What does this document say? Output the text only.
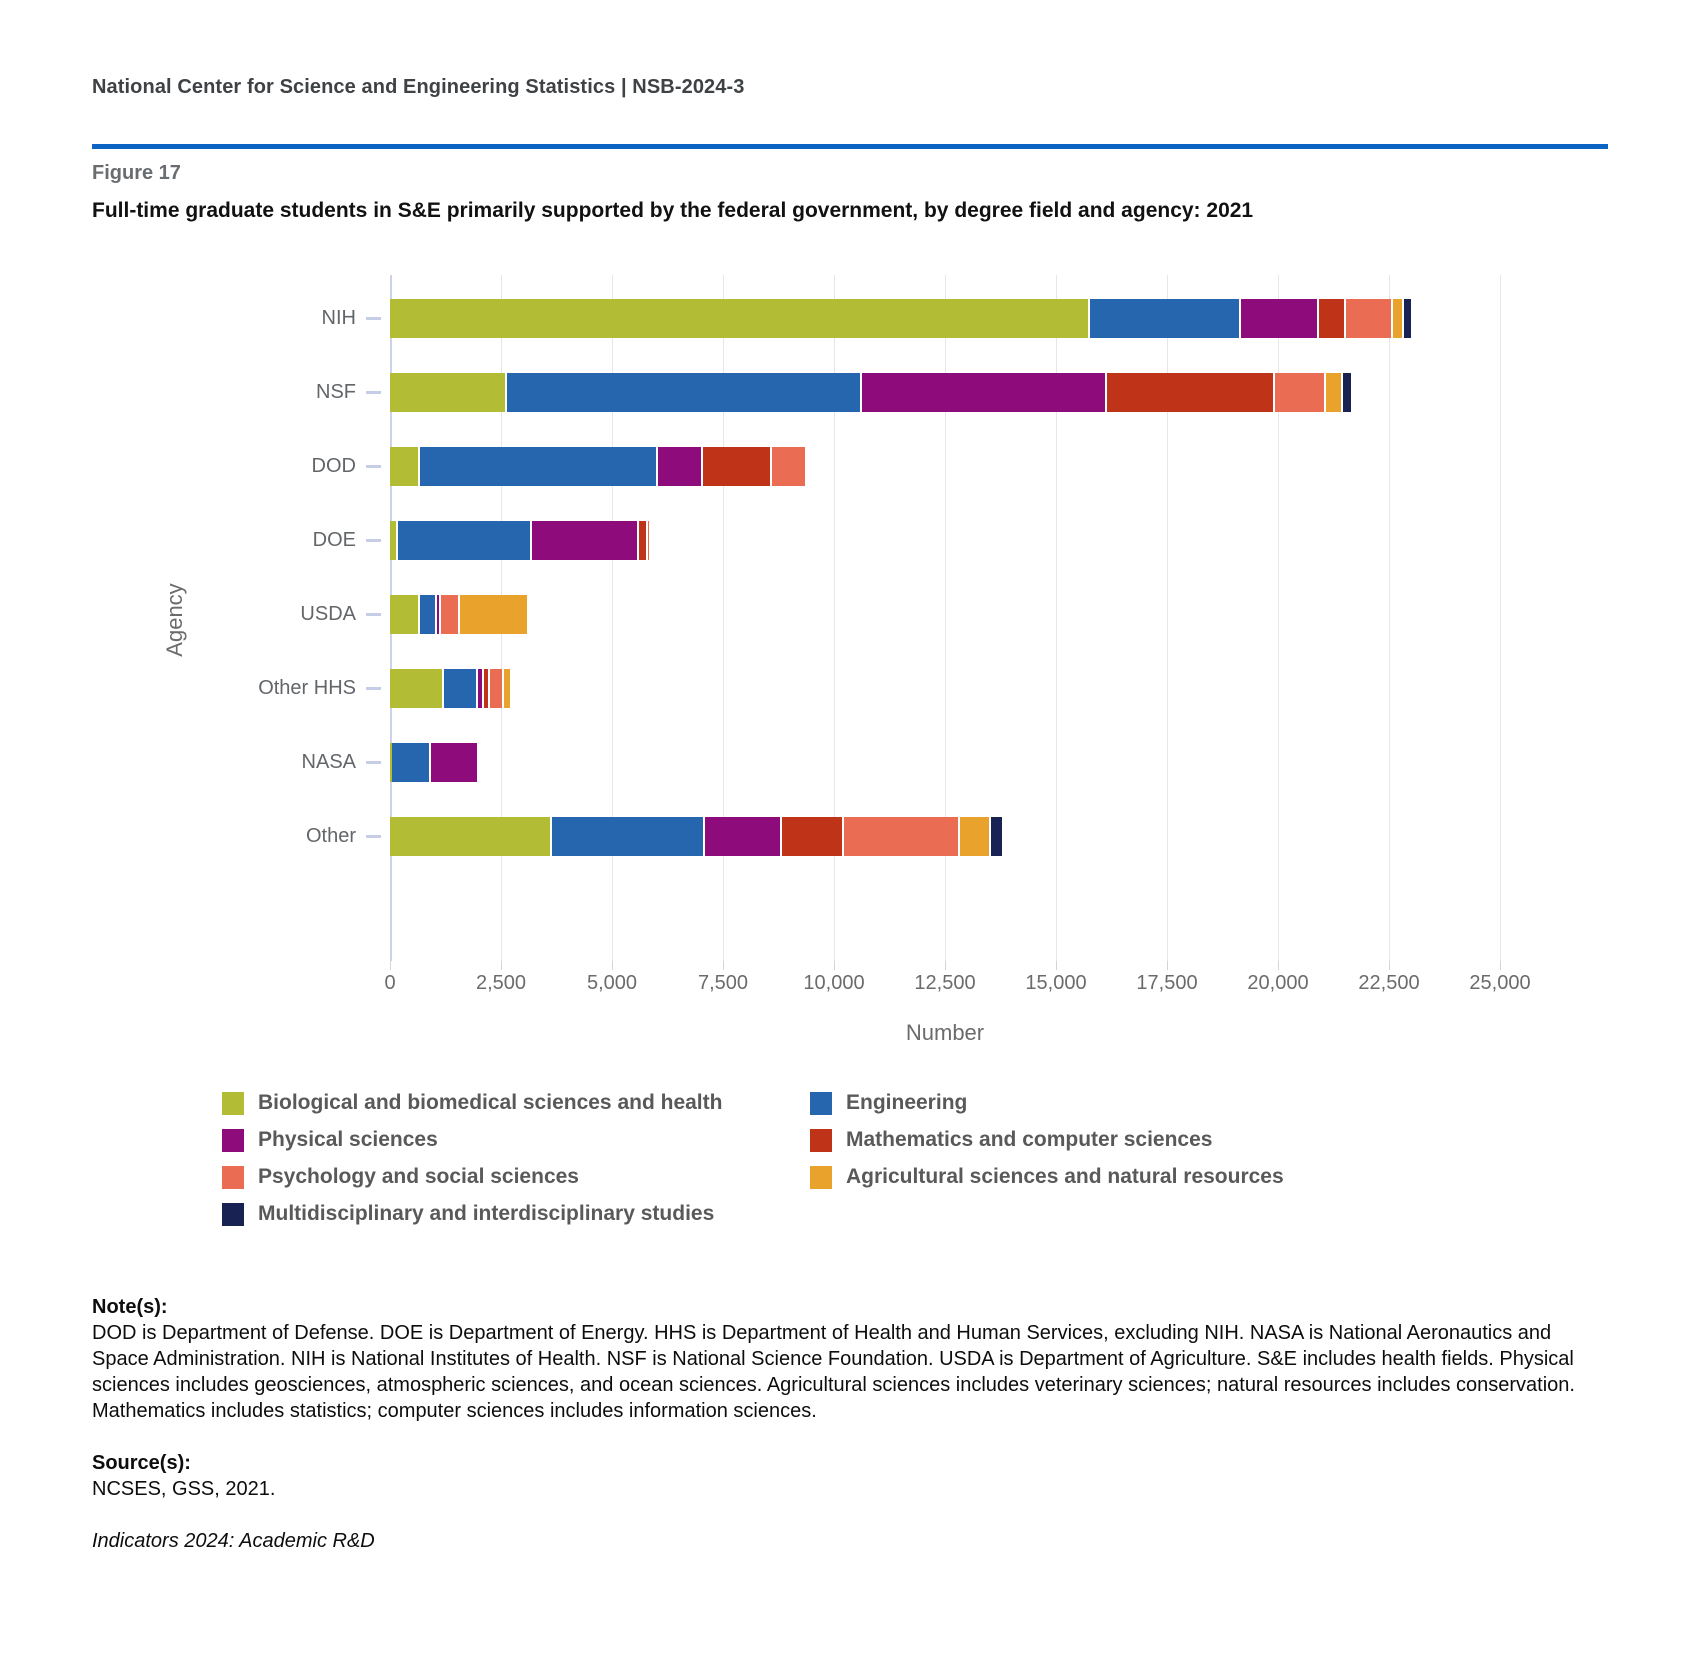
National Center for Science and Engineering Statistics | NSB-2024-3
Figure 17
Full-time graduate students in S&E primarily supported by the federal government, by degree field and agency: 2021
Agency
Number
0	2,500	5,000	7,500	10,000	12,500	15,000	17,500	20,000	22,500	25,000
NIH
NSF
DOD
DOE
USDA
Other HHS
NASA
Other
Biological and biomedical sciences and health	Engineering
Physical sciences	Mathematics and computer sciences
Psychology and social sciences	Agricultural sciences and natural resources
Multidisciplinary and interdisciplinary studies
Note(s):
DOD is Department of Defense. DOE is Department of Energy. HHS is Department of Health and Human Services, excluding NIH. NASA is National Aeronautics and Space Administration. NIH is National Institutes of Health. NSF is National Science Foundation. USDA is Department of Agriculture. S&E includes health fields. Physical sciences includes geosciences, atmospheric sciences, and ocean sciences. Agricultural sciences includes veterinary sciences; natural resources includes conservation. Mathematics includes statistics; computer sciences includes information sciences.
Source(s):
NCSES, GSS, 2021.
Indicators 2024: Academic R&D
